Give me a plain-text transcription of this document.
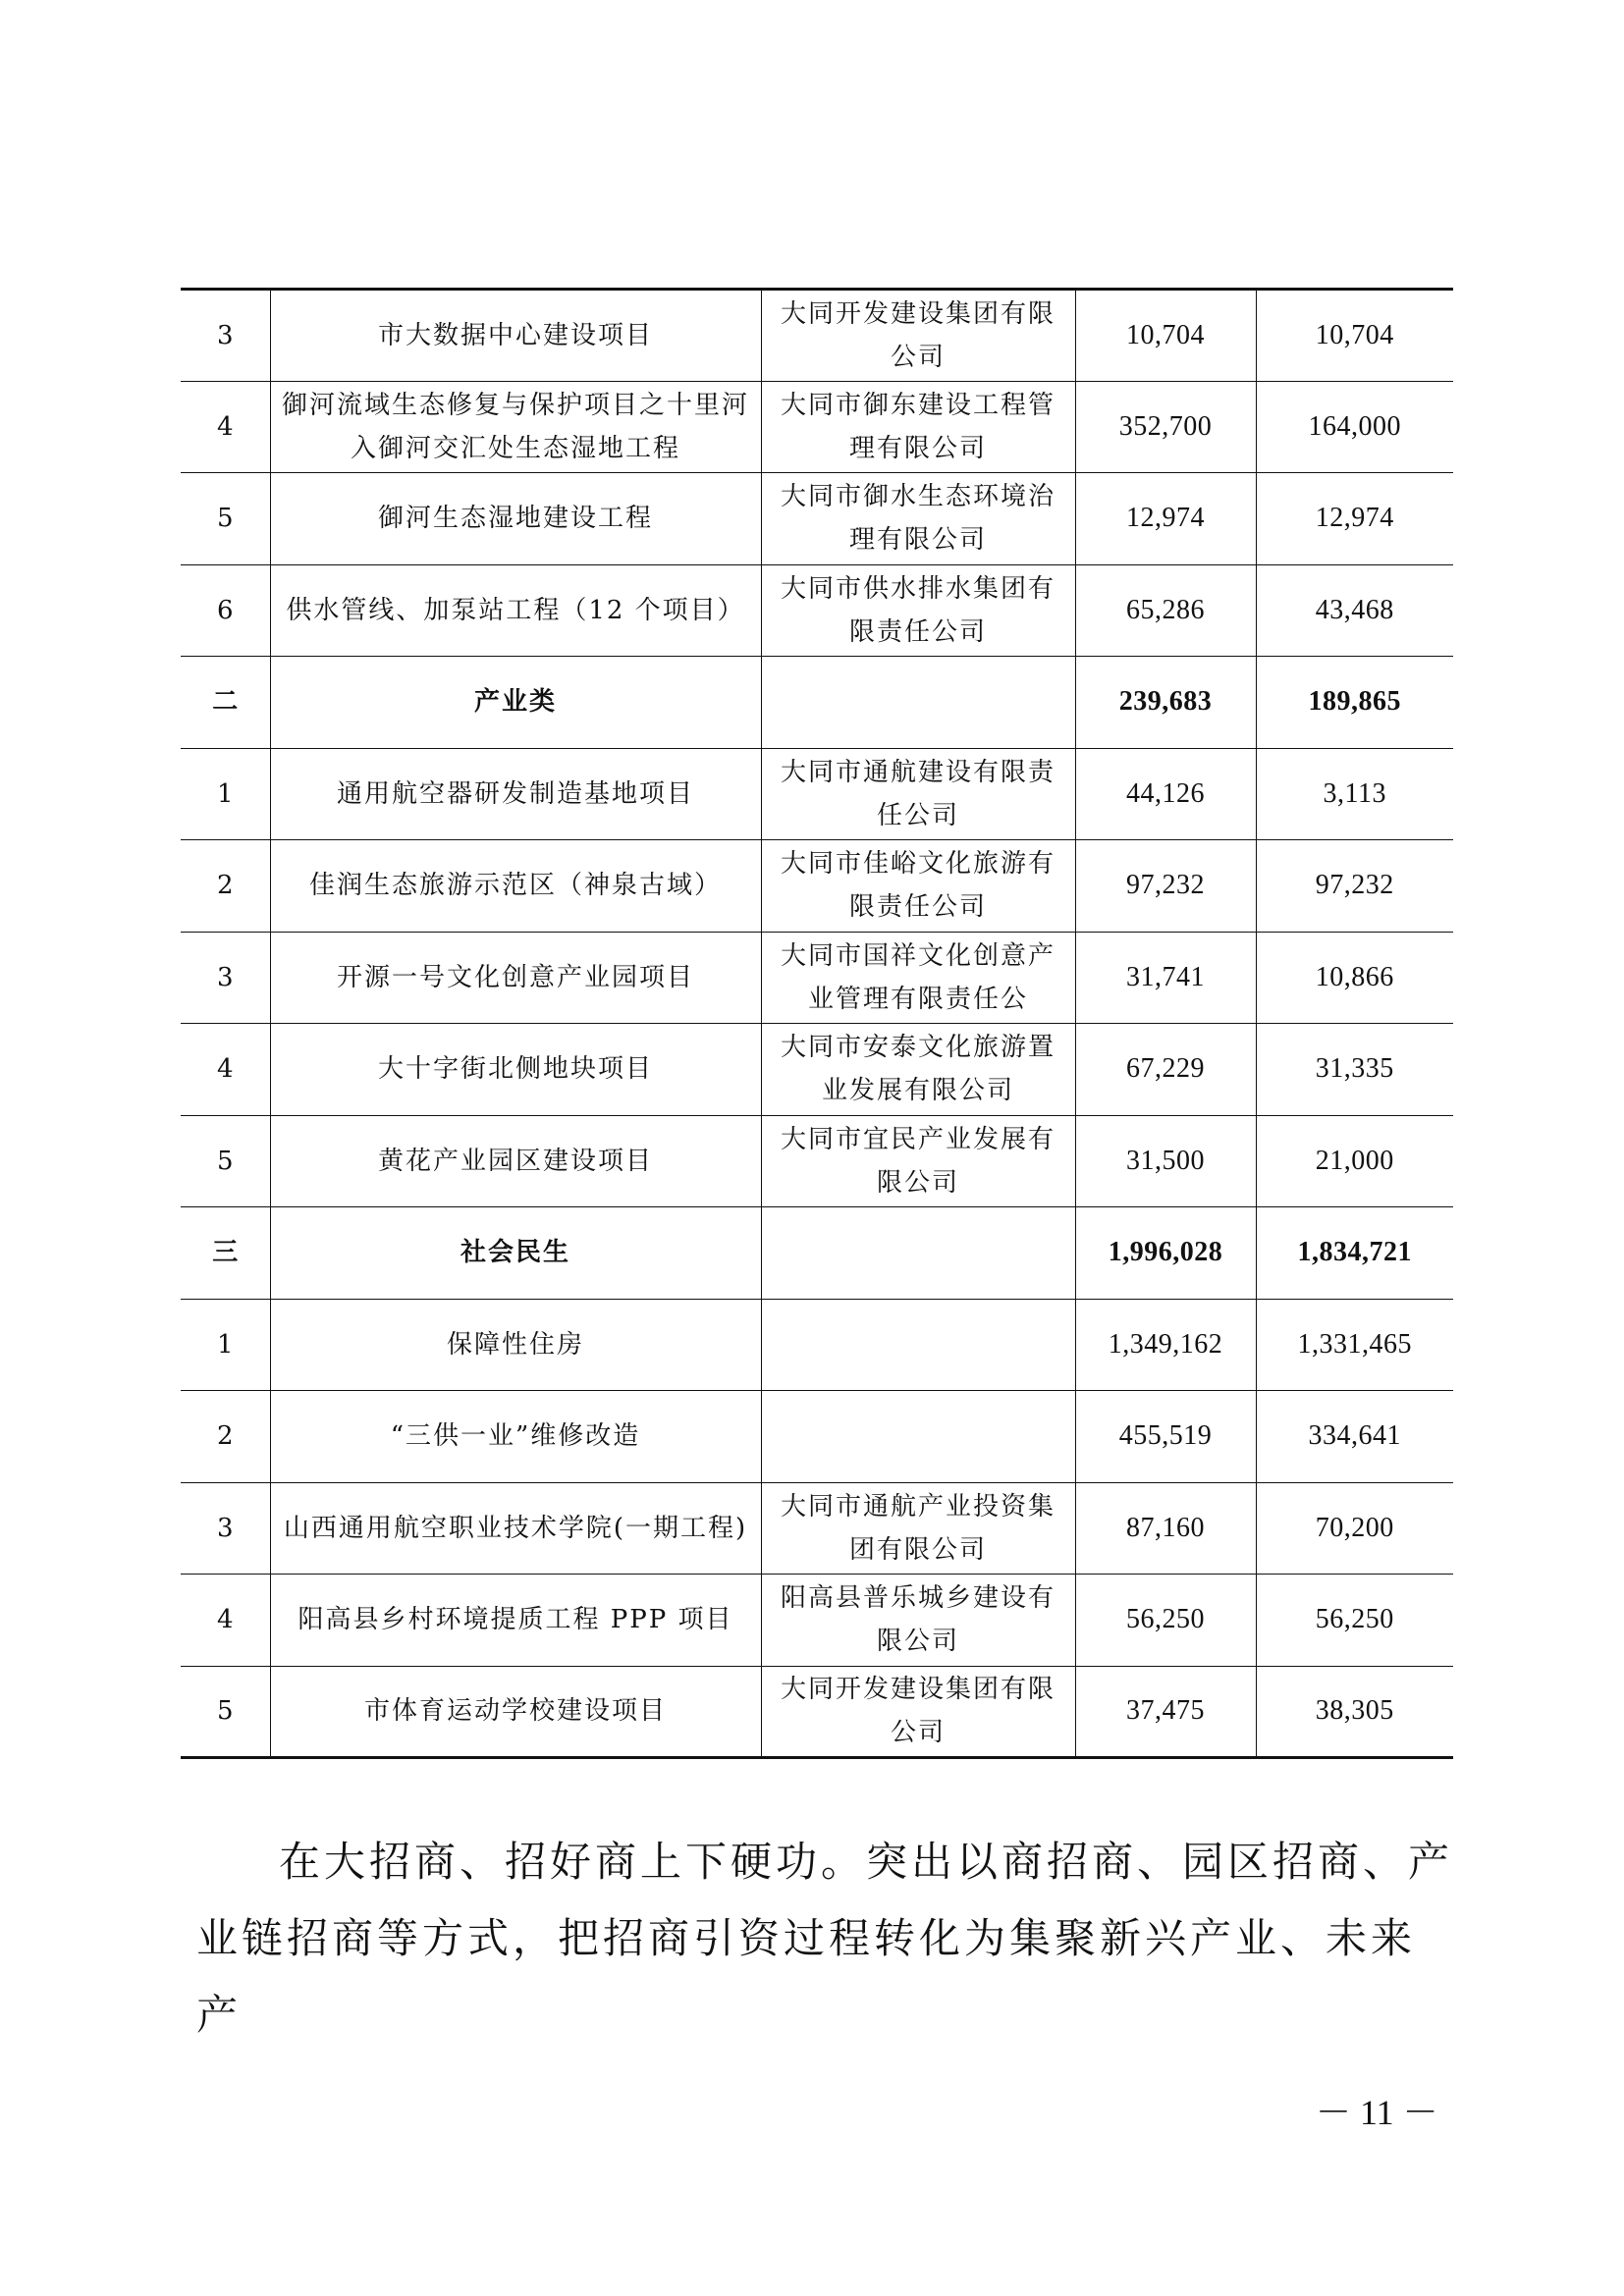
3	市大数据中心建设项目	大同开发建设集团有限公司	10,704	10,704
4	御河流域生态修复与保护项目之十里河入御河交汇处生态湿地工程	大同市御东建设工程管理有限公司	352,700	164,000
5	御河生态湿地建设工程	大同市御水生态环境治理有限公司	12,974	12,974
6	供水管线、加泵站工程（12 个项目）	大同市供水排水集团有限责任公司	65,286	43,468
二	产业类		239,683	189,865
1	通用航空器研发制造基地项目	大同市通航建设有限责任公司	44,126	3,113
2	佳润生态旅游示范区（神泉古域）	大同市佳峪文化旅游有限责任公司	97,232	97,232
3	开源一号文化创意产业园项目	大同市国祥文化创意产业管理有限责任公	31,741	10,866
4	大十字街北侧地块项目	大同市安泰文化旅游置业发展有限公司	67,229	31,335
5	黄花产业园区建设项目	大同市宜民产业发展有限公司	31,500	21,000
三	社会民生		1,996,028	1,834,721
1	保障性住房		1,349,162	1,331,465
2	“三供一业”维修改造		455,519	334,641
3	山西通用航空职业技术学院(一期工程)	大同市通航产业投资集团有限公司	87,160	70,200
4	阳高县乡村环境提质工程 PPP 项目	阳高县普乐城乡建设有限公司	56,250	56,250
5	市体育运动学校建设项目	大同开发建设集团有限公司	37,475	38,305

在大招商、招好商上下硬功。突出以商招商、园区招商、产业链招商等方式，把招商引资过程转化为集聚新兴产业、未来产

－ 11 －
